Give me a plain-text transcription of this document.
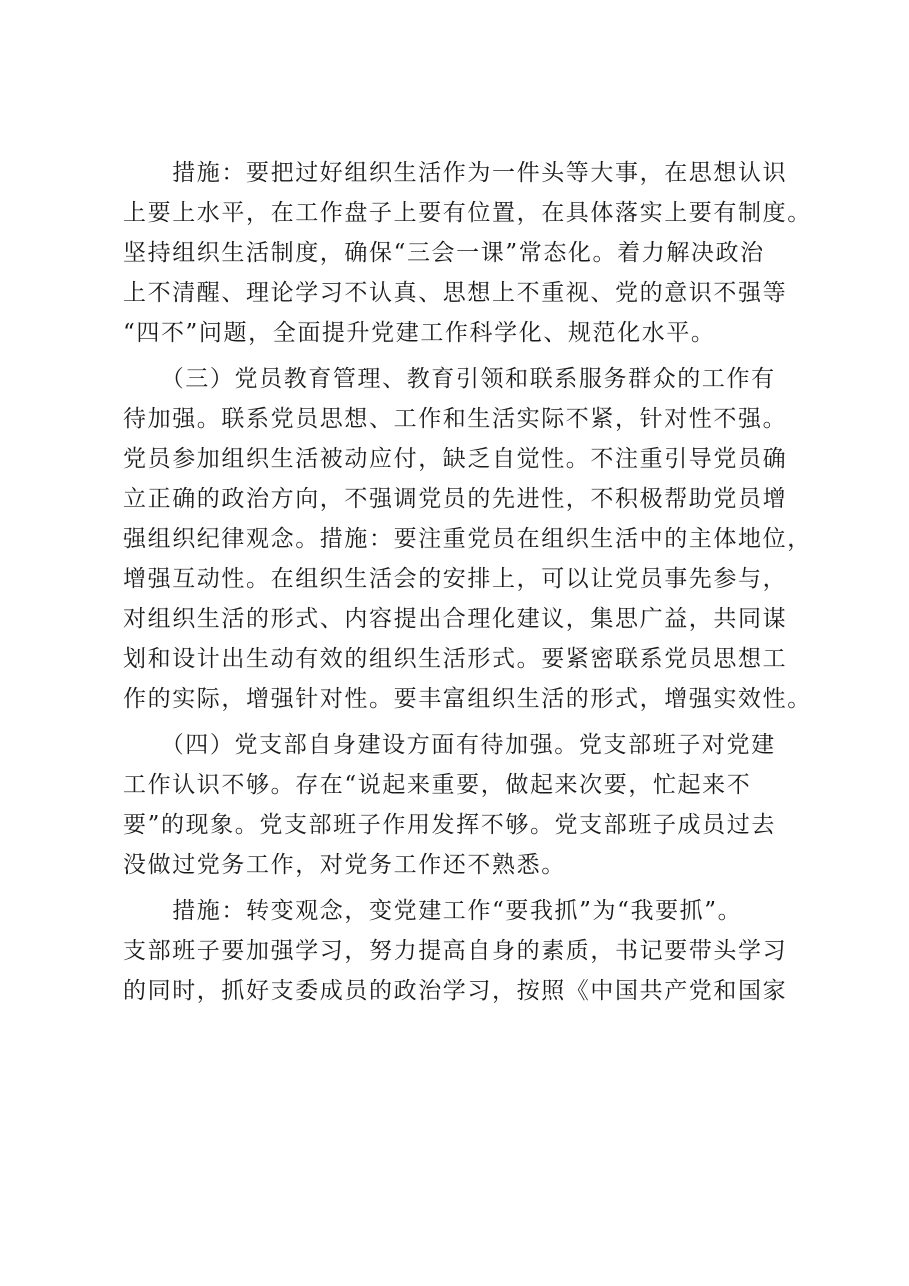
　　措施：要把过好组织生活作为一件头等大事，在思想认识
上要上水平，在工作盘子上要有位置，在具体落实上要有制度。
坚持组织生活制度，确保“三会一课”常态化。着力解决政治
上不清醒、理论学习不认真、思想上不重视、党的意识不强等
“四不”问题，全面提升党建工作科学化、规范化水平。
　　（三）党员教育管理、教育引领和联系服务群众的工作有
待加强。联系党员思想、工作和生活实际不紧，针对性不强。
党员参加组织生活被动应付，缺乏自觉性。不注重引导党员确
立正确的政治方向，不强调党员的先进性，不积极帮助党员增
强组织纪律观念。措施：要注重党员在组织生活中的主体地位，
增强互动性。在组织生活会的安排上，可以让党员事先参与，
对组织生活的形式、内容提出合理化建议，集思广益，共同谋
划和设计出生动有效的组织生活形式。要紧密联系党员思想工
作的实际，增强针对性。要丰富组织生活的形式，增强实效性。
　　（四）党支部自身建设方面有待加强。党支部班子对党建
工作认识不够。存在“说起来重要，做起来次要，忙起来不
要”的现象。党支部班子作用发挥不够。党支部班子成员过去
没做过党务工作，对党务工作还不熟悉。
　　措施：转变观念，变党建工作“要我抓”为“我要抓”。
支部班子要加强学习，努力提高自身的素质，书记要带头学习
的同时，抓好支委成员的政治学习，按照《中国共产党和国家
